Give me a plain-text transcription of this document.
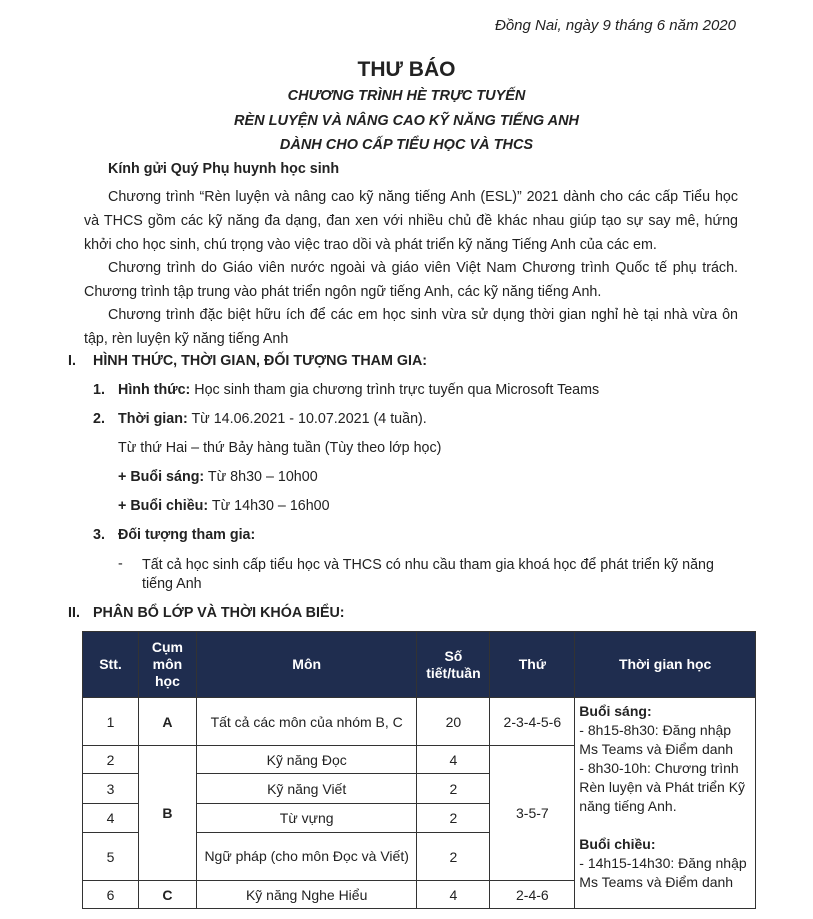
Đồng Nai, ngày 9 tháng 6 năm 2020
THƯ BÁO
CHƯƠNG TRÌNH HÈ TRỰC TUYẾN
RÈN LUYỆN VÀ NÂNG CAO KỸ NĂNG TIẾNG ANH
DÀNH CHO CẤP TIỂU HỌC VÀ THCS
Kính gửi Quý Phụ huynh học sinh
Chương trình “Rèn luyện và nâng cao kỹ năng tiếng Anh (ESL)” 2021 dành cho các cấp Tiểu học và THCS gồm các kỹ năng đa dạng, đan xen với nhiều chủ đề khác nhau giúp tạo sự say mê, hứng khởi cho học sinh, chú trọng vào việc trao dồi và phát triển kỹ năng Tiếng Anh của các em.
Chương trình do Giáo viên nước ngoài và giáo viên Việt Nam Chương trình Quốc tế phụ trách. Chương trình tập trung vào phát triển ngôn ngữ tiếng Anh, các kỹ năng tiếng Anh.
Chương trình đặc biệt hữu ích để các em học sinh vừa sử dụng thời gian nghỉ hè tại nhà vừa ôn tập, rèn luyện kỹ năng tiếng Anh
I. HÌNH THỨC, THỜI GIAN, ĐỐI TƯỢNG THAM GIA:
1. Hình thức: Học sinh tham gia chương trình trực tuyến qua Microsoft Teams
2. Thời gian: Từ 14.06.2021 - 10.07.2021 (4 tuần).
Từ thứ Hai – thứ Bảy hàng tuần (Tùy theo lớp học)
+ Buổi sáng: Từ 8h30 – 10h00
+ Buổi chiều: Từ 14h30 – 16h00
3. Đối tượng tham gia:
- Tất cả học sinh cấp tiểu học và THCS có nhu cầu tham gia khoá học để phát triển kỹ năng tiếng Anh
II. PHÂN BỔ LỚP VÀ THỜI KHÓA BIỂU:
Stt.	Cụm môn học	Môn	Số tiết/tuần	Thứ	Thời gian học
1	A	Tất cả các môn của nhóm B, C	20	2-3-4-5-6	Buổi sáng:
- 8h15-8h30: Đăng nhập Ms Teams và Điểm danh
- 8h30-10h: Chương trình Rèn luyện và Phát triển Kỹ năng tiếng Anh.
Buổi chiều:
- 14h15-14h30: Đăng nhập Ms Teams và Điểm danh

2	B	Kỹ năng Đọc	4	3-5-7	
3		Kỹ năng Viết	2		
4		Từ vựng	2		
5		Ngữ pháp (cho môn Đọc và Viết)	2		
6	C	Kỹ năng Nghe Hiểu	4	2-4-6	
